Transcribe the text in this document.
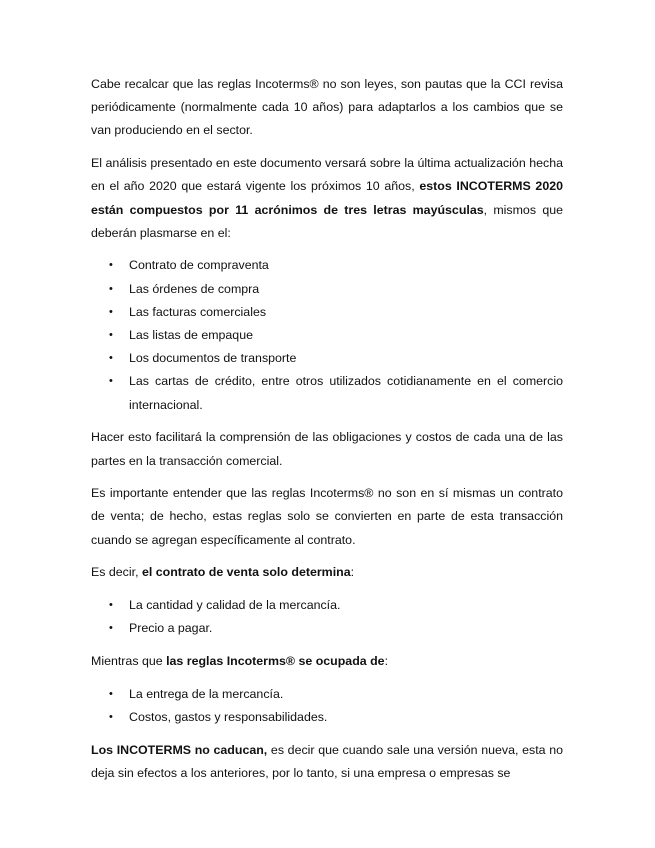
Cabe recalcar que las reglas Incoterms® no son leyes, son pautas que la CCI revisa periódicamente (normalmente cada 10 años) para adaptarlos a los cambios que se van produciendo en el sector.

El análisis presentado en este documento versará sobre la última actualización hecha en el año 2020 que estará vigente los próximos 10 años, estos INCOTERMS 2020 están compuestos por 11 acrónimos de tres letras mayúsculas, mismos que deberán plasmarse en el:

• Contrato de compraventa
• Las órdenes de compra
• Las facturas comerciales
• Las listas de empaque
• Los documentos de transporte
• Las cartas de crédito, entre otros utilizados cotidianamente en el comercio internacional.

Hacer esto facilitará la comprensión de las obligaciones y costos de cada una de las partes en la transacción comercial.

Es importante entender que las reglas Incoterms® no son en sí mismas un contrato de venta; de hecho, estas reglas solo se convierten en parte de esta transacción cuando se agregan específicamente al contrato.

Es decir, el contrato de venta solo determina:

• La cantidad y calidad de la mercancía.
• Precio a pagar.

Mientras que las reglas Incoterms® se ocupada de:

• La entrega de la mercancía.
• Costos, gastos y responsabilidades.

Los INCOTERMS no caducan, es decir que cuando sale una versión nueva, esta no deja sin efectos a los anteriores, por lo tanto, si una empresa o empresas se
